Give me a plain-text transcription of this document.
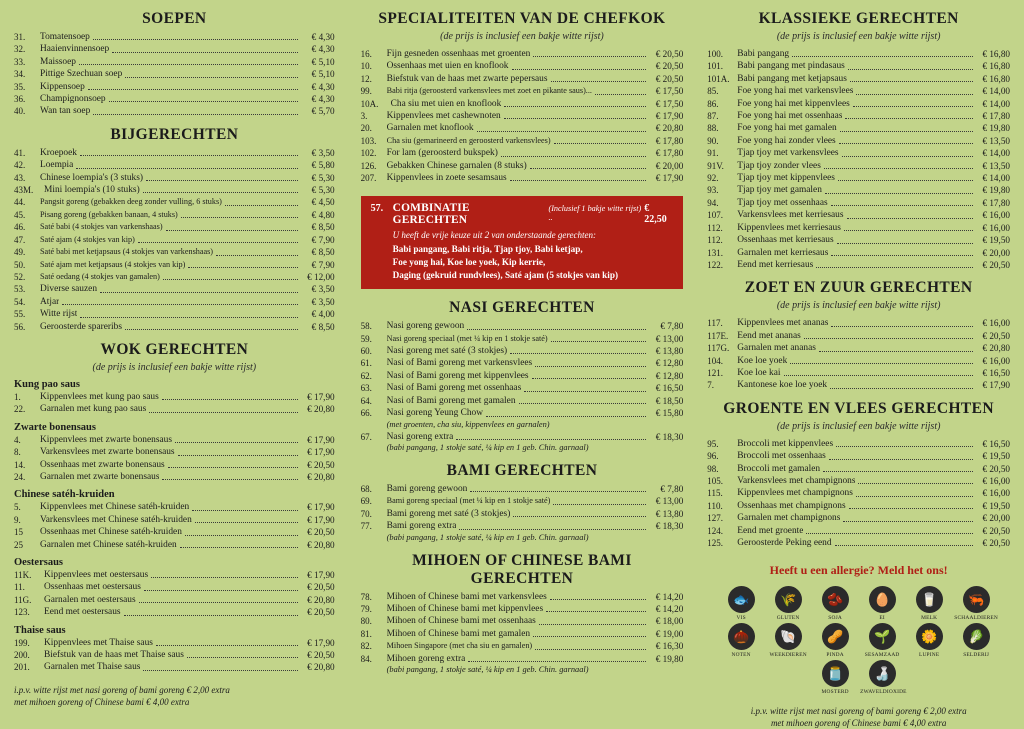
SOEPEN
31.	Tomatensoep	€ 4,30
32.	Haaienvinnensoep	€ 4,30
33.	Maissoep	€ 5,10
34.	Pittige Szechuan soep	€ 5,10
35.	Kippensoep	€ 4,30
36.	Champignonsoep	€ 4,30
40.	Wan tan soep	€ 5,70
BIJGERECHTEN
41.	Kroepoek	€ 3,50
42.	Loempia	€ 5,80
43.	Chinese loempia's (3 stuks)	€ 5,30
43M.	Mini loempia's (10 stuks)	€ 5,30
44.	Pangsit goreng (gebakken deeg zonder vulling, 6 stuks)	€ 4,50
45.	Pisang goreng (gebakken banaan, 4 stuks)	€ 4,80
46.	Saté babi (4 stokjes van varkenshaas)	€ 8,50
47.	Saté ajam (4 stokjes van kip)	€ 7,90
49.	Saté babi met ketjapsaus (4 stokjes van varkenshaas)	€ 8,50
50.	Saté ajam met ketjapsaus (4 stokjes van kip)	€ 7,90
52.	Saté oedang (4 stokjes van gamalen)	€ 12,00
53.	Diverse sauzen	€ 3,50
54.	Atjar	€ 3,50
55.	Witte rijst	€ 4,00
56.	Geroosterde spareribs	€ 8,50
WOK GERECHTEN

(de prijs is inclusief een bakje witte rijst)

Kung pao saus
1.	Kippenvlees met kung pao saus	€ 17,90
22.	Garnalen met kung pao saus	€ 20,80
Zwarte bonensaus
4.	Kippenvlees met zwarte bonensaus	€ 17,90
8.	Varkensvlees met zwarte bonensaus	€ 17,90
14.	Ossenhaas met zwarte bonensaus	€ 20,50
24.	Garnalen met zwarte bonensaus	€ 20,80
Chinese satéh-kruiden
5.	Kippenvlees met Chinese satéh-kruiden	€ 17,90
9.	Varkensvlees met Chinese satéh-kruiden	€ 17,90
15	Ossenhaas met Chinese satéh-kruiden	€ 20,50
25	Garnalen met Chinese satéh-kruiden	€ 20,80
Oestersaus
11K.	Kippenvlees met oestersaus	€ 17,90
11.	Ossenhaas met oestersaus	€ 20,50
11G.	Garnalen met oestersaus	€ 20,80
123.	Eend met oestersaus	€ 20,50
Thaise saus
199.	Kippenvlees met Thaise saus	€ 17,90
200.	Biefstuk van de haas met Thaise saus	€ 20,50
201.	Garnalen met Thaise saus	€ 20,80
i.p.v. witte rijst met nasi goreng of bami goreng € 2,00 extra
met mihoen goreng of Chinese bami € 4,00 extra
SPECIALITEITEN VAN DE CHEFKOK

(de prijs is inclusief een bakje witte rijst)

16.	Fijn gesneden ossenhaas met groenten	€ 20,50
10.	Ossenhaas met uien en knoflook	€ 20,50
12.	Biefstuk van de haas met zwarte pepersaus	€ 20,50
99.	Babi ritja (geroosterd varkensvlees met zoet en pikante saus)...	€ 17,50
10A.	Cha siu met uien en knoflook	€ 17,50
3.	Kippenvlees met cashewnoten	€ 17,90
20.	Garnalen met knoflook	€ 20,80
103.	Cha siu (gemarineerd en geroosterd varkensvlees)	€ 17,80
102.	For lam (geroosterd bukspek)	€ 17,80
126.	Gebakken Chinese garnalen (8 stuks)	€ 20,00
207.	Kippenvlees in zoete sesamsaus	€ 17,90
57. COMBINATIE GERECHTEN
(Inclusief 1 bakje witte rijst) ..
€ 22,50
U heeft de vrije keuze uit 2 van onderstaande gerechten:
Babi pangang, Babi ritja, Tjap tjoy, Babi ketjap,
Foe yong hai, Koe loe yoek, Kip kerrie,
Daging (gekruid rundvlees), Saté ajam (5 stokjes van kip)
NASI GERECHTEN
58.	Nasi goreng gewoon	€ 7,80
59.	Nasi goreng speciaal (met ¼ kip en 1 stokje saté)	€ 13,00
60.	Nasi goreng met saté (3 stokjes)	€ 13,80
61.	Nasi of Bami goreng met varkensvlees	€ 12,80
62.	Nasi of Bami goreng met kippenvlees	€ 12,80
63.	Nasi of Bami goreng met ossenhaas	€ 16,50
64.	Nasi of Bami goreng met gamalen	€ 18,50
66.	Nasi goreng Yeung Chow	€ 15,80
(met groenten, cha siu, kippenvlees en garnalen)
67.	Nasi goreng extra	€ 18,30
(babi pangang, 1 stokje saté, ¼ kip en 1 geb. Chin. garnaal)
BAMI GERECHTEN
68.	Bami goreng gewoon	€ 7,80
69.	Bami goreng speciaal (met ¼ kip en 1 stokje saté)	€ 13,00
70.	Bami goreng met saté (3 stokjes)	€ 13,80
77.	Bami goreng extra	€ 18,30
(babi pangang, 1 stokje saté, ¼ kip en 1 geb. Chin. garnaal)
MIHOEN OF CHINESE BAMI GERECHTEN
78.	Mihoen of Chinese bami met varkensvlees	€ 14,20
79.	Mihoen of Chinese bami met kippenvlees	€ 14,20
80.	Mihoen of Chinese bami met ossenhaas	€ 18,00
81.	Mihoen of Chinese bami met gamalen	€ 19,00
82.	Mihoen Singapore (met cha siu en garnalen)	€ 16,30
84.	Mihoen goreng extra	€ 19,80
(babi pangang, 1 stokje saté, ¼ kip en 1 geb. Chin. garnaal)
KLASSIEKE GERECHTEN

(de prijs is inclusief een bakje witte rijst)

100.	Babi pangang	€ 16,80
101.	Babi pangang met pindasaus	€ 16,80
101A. Babi pangang met ketjapsaus	€ 16,80
85.	Foe yong hai met varkensvlees	€ 14,00
86.	Foe yong hai met kippenvlees	€ 14,00
87.	Foe yong hai met ossenhaas	€ 17,80
88.	Foe yong hai met gamalen	€ 19,80
90.	Foe yong hai zonder vlees	€ 13,50
91.	Tjap tjoy met varkensvlees	€ 14,00
91V.	Tjap tjoy zonder vlees	€ 13,50
92.	Tjap tjoy met kippenvlees	€ 14,00
93.	Tjap tjoy met gamalen	€ 19,80
94.	Tjap tjoy met ossenhaas	€ 17,80
107.	Varkensvlees met kerriesaus	€ 16,00
112.	Kippenvlees met kerriesaus	€ 16,00
112.	Ossenhaas met kerriesaus	€ 19,50
131.	Garnalen met kerriesaus	€ 20,00
122.	Eend met kerriesaus	€ 20,50
ZOET EN ZUUR GERECHTEN

(de prijs is inclusief een bakje witte rijst)

117.	Kippenvlees met ananas	€ 16,00
117E. Eend met ananas	€ 20,50
117G. Garnalen met ananas	€ 20,80
104.	Koe loe yoek	€ 16,00
121.	Koe loe kai	€ 16,50
7.	Kantonese koe loe yoek	€ 17,90
GROENTE EN VLEES GERECHTEN

(de prijs is inclusief een bakje witte rijst)

95.	Broccoli met kippenvlees	€ 16,50
96.	Broccoli met ossenhaas	€ 19,50
98.	Broccoli met gamalen	€ 20,50
105.	Varkensvlees met champignons	€ 16,00
115.	Kippenvlees met champignons	€ 16,00
110.	Ossenhaas met champignons	€ 19,50
127.	Garnalen met champignons	€ 20,00
124.	Eend met groente	€ 20,50
125.	Geroosterde Peking eend	€ 20,50
Heeft u een allergie? Meld het ons!
🐟
VIS
🌾
GLUTEN
🫘
SOJA
🥚
EI
🥛
MELK
🦐
SCHAALDIEREN
🌰
NOTEN
🐚
WEEKDIEREN
🥜
PINDA
🌱
SESAMZAAD
🌼
LUPINE
🥬
SELDERIJ
🫙
MOSTERD
🍶
ZWAVELDIOXIDE
i.p.v. witte rijst met nasi goreng of bami goreng € 2,00 extra
met mihoen goreng of Chinese bami € 4,00 extra
